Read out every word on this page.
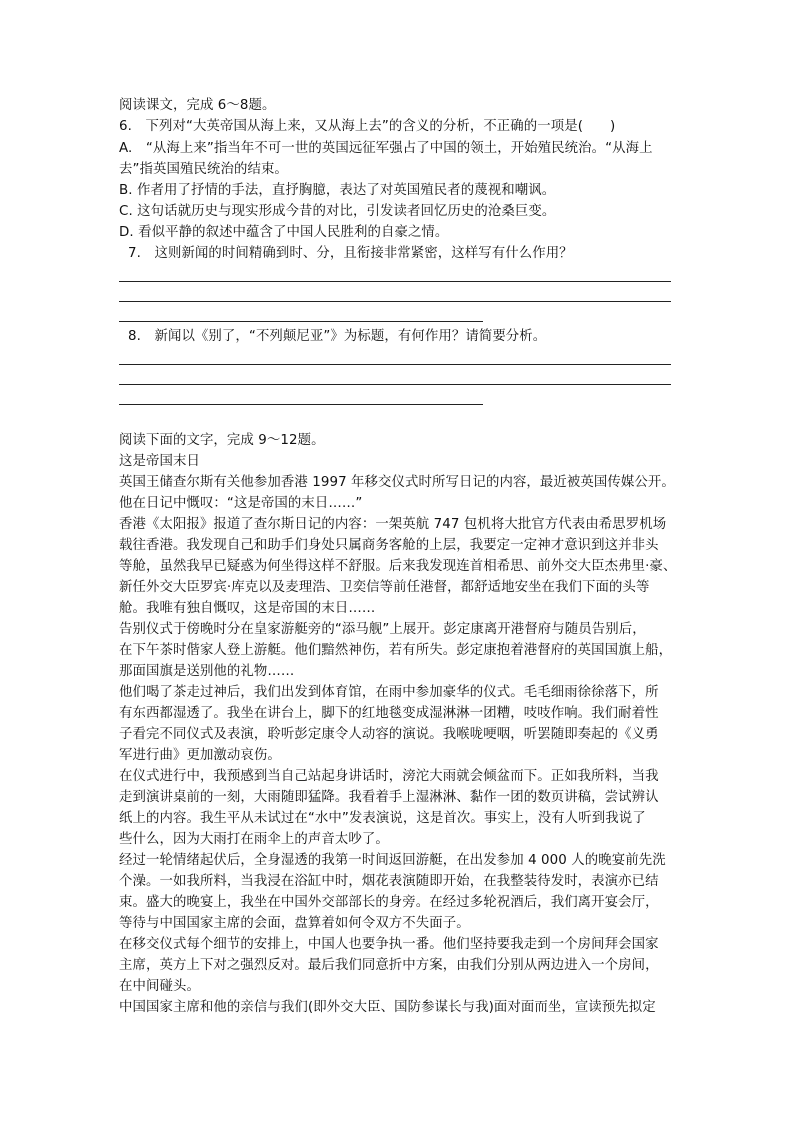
阅读课文，完成 6～8题。
6.　下列对“大英帝国从海上来，又从海上去”的含义的分析，不正确的一项是(　　)
A.　“从海上来”指当年不可一世的英国远征军强占了中国的领土，开始殖民统治。“从海上
去”指英国殖民统治的结束。
B. 作者用了抒情的手法，直抒胸臆，表达了对英国殖民者的蔑视和嘲讽。
C. 这句话就历史与现实形成今昔的对比，引发读者回忆历史的沧桑巨变。
D. 看似平静的叙述中蕴含了中国人民胜利的自豪之情。
7.　这则新闻的时间精确到时、分，且衔接非常紧密，这样写有什么作用？
8.　新闻以《别了，“不列颠尼亚”》为标题，有何作用？请简要分析。
阅读下面的文字，完成 9～12题。
这是帝国末日
英国王储查尔斯有关他参加香港 1997 年移交仪式时所写日记的内容，最近被英国传媒公开。
他在日记中慨叹：“这是帝国的末日……”
香港《太阳报》报道了查尔斯日记的内容：一架英航 747 包机将大批官方代表由希思罗机场
载往香港。我发现自己和助手们身处只属商务客舱的上层，我要定一定神才意识到这并非头
等舱，虽然我早已疑惑为何坐得这样不舒服。后来我发现连首相希思、前外交大臣杰弗里·豪、
新任外交大臣罗宾·库克以及麦理浩、卫奕信等前任港督，都舒适地安坐在我们下面的头等
舱。我唯有独自慨叹，这是帝国的末日……
告别仪式于傍晚时分在皇家游艇旁的“添马舰”上展开。彭定康离开港督府与随员告别后，
在下午茶时偕家人登上游艇。他们黯然神伤，若有所失。彭定康抱着港督府的英国国旗上船，
那面国旗是送别他的礼物……
他们喝了茶走过神后，我们出发到体育馆，在雨中参加豪华的仪式。毛毛细雨徐徐落下，所
有东西都湿透了。我坐在讲台上，脚下的红地毯变成湿淋淋一团糟，吱吱作响。我们耐着性
子看完不同仪式及表演，聆听彭定康令人动容的演说。我喉咙哽咽，听罢随即奏起的《义勇
军进行曲》更加激动哀伤。
在仪式进行中，我预感到当自己站起身讲话时，滂沱大雨就会倾盆而下。正如我所料，当我
走到演讲桌前的一刻，大雨随即猛降。我看着手上湿淋淋、黏作一团的数页讲稿，尝试辨认
纸上的内容。我生平从未试过在“水中”发表演说，这是首次。事实上，没有人听到我说了
些什么，因为大雨打在雨伞上的声音太吵了。
经过一轮情绪起伏后，全身湿透的我第一时间返回游艇，在出发参加 4 000 人的晚宴前先洗
个澡。一如我所料，当我浸在浴缸中时，烟花表演随即开始，在我整装待发时，表演亦已结
束。盛大的晚宴上，我坐在中国外交部部长的身旁。在经过多轮祝酒后，我们离开宴会厅，
等待与中国国家主席的会面，盘算着如何令双方不失面子。
在移交仪式每个细节的安排上，中国人也要争执一番。他们坚持要我走到一个房间拜会国家
主席，英方上下对之强烈反对。最后我们同意折中方案，由我们分别从两边进入一个房间，
在中间碰头。
中国国家主席和他的亲信与我们(即外交大臣、国防参谋长与我)面对面而坐，宣读预先拟定
